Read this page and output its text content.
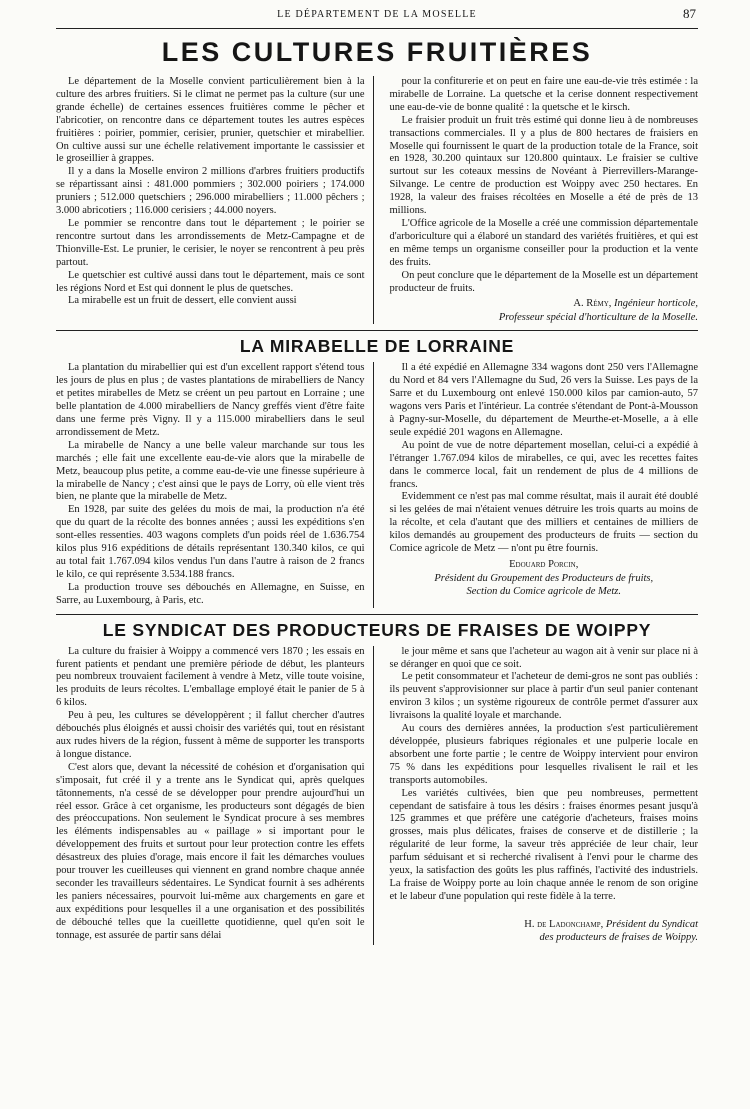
LE DÉPARTEMENT DE LA MOSELLE	87
LES CULTURES FRUITIÈRES

Le département de la Moselle convient particulièrement bien à la culture des arbres fruitiers. Si le climat ne permet pas la culture (sur une grande échelle) de certaines essences fruitières comme le pêcher et l'abricotier, on rencontre dans ce département toutes les autres espèces fruitières : poirier, pommier, cerisier, prunier, quetschier et mirabellier. On cultive aussi sur une échelle relativement importante le cassissier et le groseillier à grappes.

Il y a dans la Moselle environ 2 millions d'arbres fruitiers productifs se répartissant ainsi : 481.000 pommiers ; 302.000 poiriers ; 174.000 pruniers ; 512.000 quetschiers ; 296.000 mirabelliers ; 11.000 pêchers ; 3.000 abricotiers ; 116.000 cerisiers ; 44.000 noyers.

Le pommier se rencontre dans tout le département ; le poirier se rencontre surtout dans les arrondissements de Metz-Campagne et de Thionville-Est. Le prunier, le cerisier, le noyer se rencontrent à peu près partout.

Le quetschier est cultivé aussi dans tout le département, mais ce sont les régions Nord et Est qui donnent le plus de quetsches.

La mirabelle est un fruit de dessert, elle convient aussi

pour la confiturerie et on peut en faire une eau-de-vie très estimée : la mirabelle de Lorraine. La quetsche et la cerise donnent respectivement une eau-de-vie de bonne qualité : la quetsche et le kirsch.

Le fraisier produit un fruit très estimé qui donne lieu à de nombreuses transactions commerciales. Il y a plus de 800 hectares de fraisiers en Moselle qui fournissent le quart de la production totale de la France, soit en 1928, 30.200 quintaux sur 120.800 quintaux. Le fraisier se cultive surtout sur les coteaux messins de Novéant à Pierrevillers-Marange-Silvange. Le centre de production est Woippy avec 250 hectares. En 1928, la valeur des fraises récoltées en Moselle a été de près de 13 millions.

L'Office agricole de la Moselle a créé une commission départementale d'arboriculture qui a élaboré un standard des variétés fruitières, et qui est en même temps un organisme conseiller pour la production et la vente des fruits.

On peut conclure que le département de la Moselle est un département producteur de fruits.

A. Rémy, Ingénieur horticole,
Professeur spécial d'horticulture de la Moselle.
LA MIRABELLE DE LORRAINE

La plantation du mirabellier qui est d'un excellent rapport s'étend tous les jours de plus en plus ; de vastes plantations de mirabelliers de Nancy et petites mirabelles de Metz se créent un peu partout en Lorraine ; une belle plantation de 4.000 mirabelliers de Nancy greffés vient d'être faite dans une ferme près Vigny. Il y a 115.000 mirabelliers dans le seul arrondissement de Metz.

La mirabelle de Nancy a une belle valeur marchande sur tous les marchés ; elle fait une excellente eau-de-vie alors que la mirabelle de Metz, beaucoup plus petite, a comme eau-de-vie une finesse supérieure à la mirabelle de Nancy ; c'est ainsi que le pays de Lorry, où elle vient très bien, ne plante que la mirabelle de Metz.

En 1928, par suite des gelées du mois de mai, la production n'a été que du quart de la récolte des bonnes années ; aussi les expéditions s'en sont-elles ressenties. 403 wagons complets d'un poids réel de 1.636.754 kilos plus 916 expéditions de détails représentant 130.340 kilos, ce qui au total fait 1.767.094 kilos vendus l'un dans l'autre à raison de 2 francs le kilo, ce qui représente 3.534.188 francs.

La production trouve ses débouchés en Allemagne, en Suisse, en Sarre, au Luxembourg, à Paris, etc.

Il a été expédié en Allemagne 334 wagons dont 250 vers l'Allemagne du Nord et 84 vers l'Allemagne du Sud, 26 vers la Suisse. Les pays de la Sarre et du Luxembourg ont enlevé 150.000 kilos par camion-auto, 57 wagons vers Paris et l'intérieur. La contrée s'étendant de Pont-à-Mousson à Pagny-sur-Moselle, du département de Meurthe-et-Moselle, a à elle seule expédié 201 wagons en Allemagne.

Au point de vue de notre département mosellan, celui-ci a expédié à l'étranger 1.767.094 kilos de mirabelles, ce qui, avec les recettes faites dans le commerce local, fait un rendement de plus de 4 millions de francs.

Evidemment ce n'est pas mal comme résultat, mais il aurait été doublé si les gelées de mai n'étaient venues détruire les trois quarts au moins de la récolte, et cela d'autant que des milliers et centaines de milliers de kilos demandés au groupement des producteurs de fruits — section du Comice agricole de Metz — n'ont pu être fournis.

Edouard Porcin,
Président du Groupement des Producteurs de fruits,
Section du Comice agricole de Metz.
LE SYNDICAT DES PRODUCTEURS DE FRAISES DE WOIPPY

La culture du fraisier à Woippy a commencé vers 1870 ; les essais en furent patients et pendant une première période de début, les planteurs peu nombreux trouvaient facilement à vendre à Metz, ville toute voisine, les produits de leurs récoltes. L'emballage employé était le panier de 5 à 6 kilos.

Peu à peu, les cultures se développèrent ; il fallut chercher d'autres débouchés plus éloignés et aussi choisir des variétés qui, tout en résistant aux rudes hivers de la région, fussent à même de supporter les transports à longue distance.

C'est alors que, devant la nécessité de cohésion et d'organisation qui s'imposait, fut créé il y a trente ans le Syndicat qui, après quelques tâtonnements, n'a cessé de se développer pour prendre aujourd'hui un réel essor. Grâce à cet organisme, les producteurs sont dégagés de bien des préoccupations. Non seulement le Syndicat procure à ses membres les éléments indispensables au « paillage » si important pour le développement des fruits et surtout pour leur protection contre les effets désastreux des pluies d'orage, mais encore il fait les démarches voulues pour trouver les cueilleuses qui viennent en grand nombre chaque année seconder les travailleurs sédentaires. Le Syndicat fournit à ses adhérents les paniers nécessaires, pourvoit lui-même aux chargements en gare et aux expéditions pour lesquelles il a une organisation et des possibilités de débouché telles que la cueillette quotidienne, quel qu'en soit le tonnage, est assurée de partir sans délai

le jour même et sans que l'acheteur au wagon ait à venir sur place ni à se déranger en quoi que ce soit.

Le petit consommateur et l'acheteur de demi-gros ne sont pas oubliés : ils peuvent s'approvisionner sur place à partir d'un seul panier contenant environ 3 kilos ; un système rigoureux de contrôle permet d'assurer aux livraisons la qualité loyale et marchande.

Au cours des dernières années, la production s'est particulièrement développée, plusieurs fabriques régionales et une pulperie locale en absorbent une forte partie ; le centre de Woippy intervient pour environ 75 % dans les expéditions pour lesquelles rivalisent le rail et les transports automobiles.

Les variétés cultivées, bien que peu nombreuses, permettent cependant de satisfaire à tous les désirs : fraises énormes pesant jusqu'à 125 grammes et que préfère une catégorie d'acheteurs, fraises moins grosses, mais plus délicates, fraises de conserve et de distillerie ; la régularité de leur forme, la saveur très appréciée de leur chair, leur parfum séduisant et si recherché rivalisent à l'envi pour le charme des yeux, la satisfaction des goûts les plus raffinés, l'activité des industriels. La fraise de Woippy porte au loin chaque année le renom de son origine et le labeur d'une population qui reste fidèle à la terre.

H. de Ladonchamp, Président du Syndicat
des producteurs de fraises de Woippy.
